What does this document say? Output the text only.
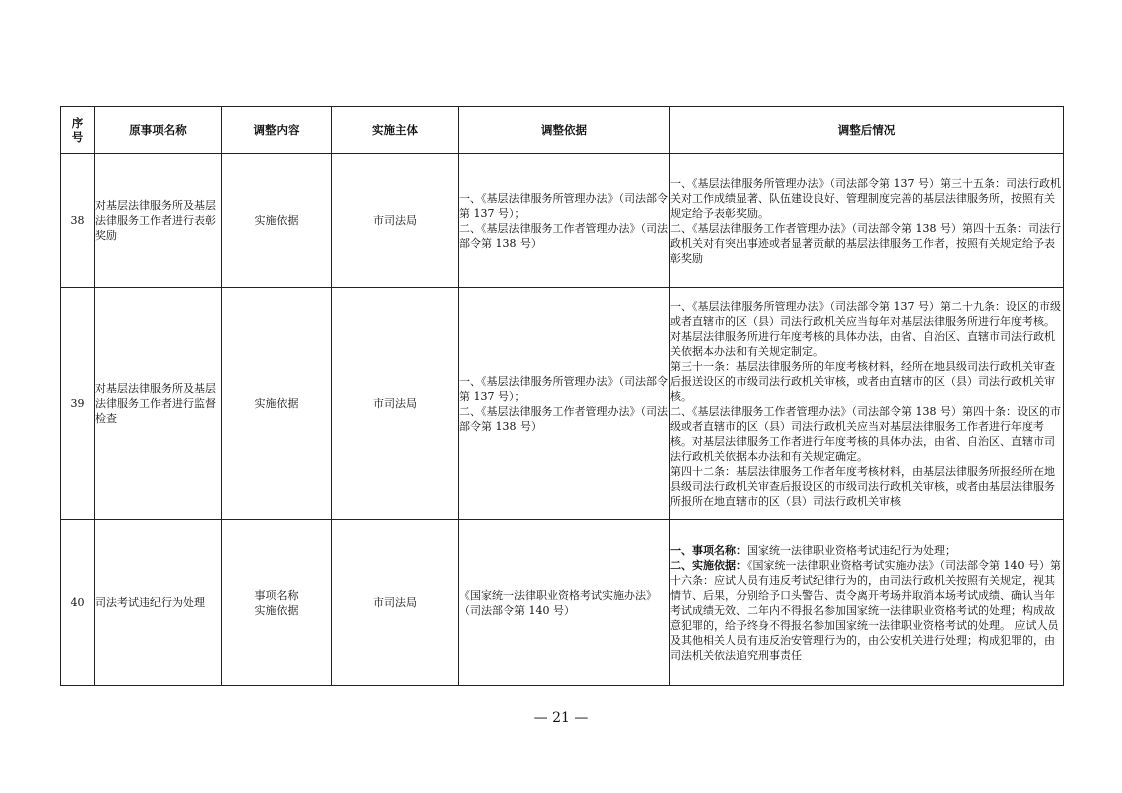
序
号	原事项名称	调整内容	实施主体	调整依据	调整后情况
38	对基层法律服务所及基层法律服务工作者进行表彰奖励	实施依据	市司法局	一、《基层法律服务所管理办法》（司法部令第 137 号）；
二、《基层法律服务工作者管理办法》（司法部令第 138 号）	一、《基层法律服务所管理办法》（司法部令第 137 号）第三十五条：司法行政机关对工作成绩显著、队伍建设良好、管理制度完善的基层法律服务所，按照有关规定给予表彰奖励。
二、《基层法律服务工作者管理办法》（司法部令第 138 号）第四十五条：司法行政机关对有突出事迹或者显著贡献的基层法律服务工作者，按照有关规定给予表彰奖励

39	对基层法律服务所及基层法律服务工作者进行监督检查	实施依据	市司法局	一、《基层法律服务所管理办法》（司法部令第 137 号）；
二、《基层法律服务工作者管理办法》（司法部令第 138 号）	一、《基层法律服务所管理办法》（司法部令第 137 号）第二十九条：设区的市级或者直辖市的区（县）司法行政机关应当每年对基层法律服务所进行年度考核。对基层法律服务所进行年度考核的具体办法，由省、自治区、直辖市司法行政机关依据本办法和有关规定制定。
第三十一条：基层法律服务所的年度考核材料，经所在地县级司法行政机关审查后报送设区的市级司法行政机关审核，或者由直辖市的区（县）司法行政机关审核。
二、《基层法律服务工作者管理办法》（司法部令第 138 号）第四十条：设区的市级或者直辖市的区（县）司法行政机关应当对基层法律服务工作者进行年度考核。对基层法律服务工作者进行年度考核的具体办法，由省、自治区、直辖市司法行政机关依据本办法和有关规定确定。
第四十二条：基层法律服务工作者年度考核材料，由基层法律服务所报经所在地县级司法行政机关审查后报设区的市级司法行政机关审核，或者由基层法律服务所报所在地直辖市的区（县）司法行政机关审核

40	司法考试违纪行为处理	事项名称
实施依据	市司法局	《国家统一法律职业资格考试实施办法》（司法部令第 140 号）	一、事项名称：国家统一法律职业资格考试违纪行为处理；
二、实施依据：《国家统一法律职业资格考试实施办法》（司法部令第 140 号）第十六条：应试人员有违反考试纪律行为的，由司法行政机关按照有关规定，视其情节、后果，分别给予口头警告、责令离开考场并取消本场考试成绩、确认当年考试成绩无效、二年内不得报名参加国家统一法律职业资格考试的处理；构成故意犯罪的，给予终身不得报名参加国家统一法律职业资格考试的处理。 应试人员及其他相关人员有违反治安管理行为的，由公安机关进行处理；构成犯罪的，由司法机关依法追究刑事责任
— 21 —
